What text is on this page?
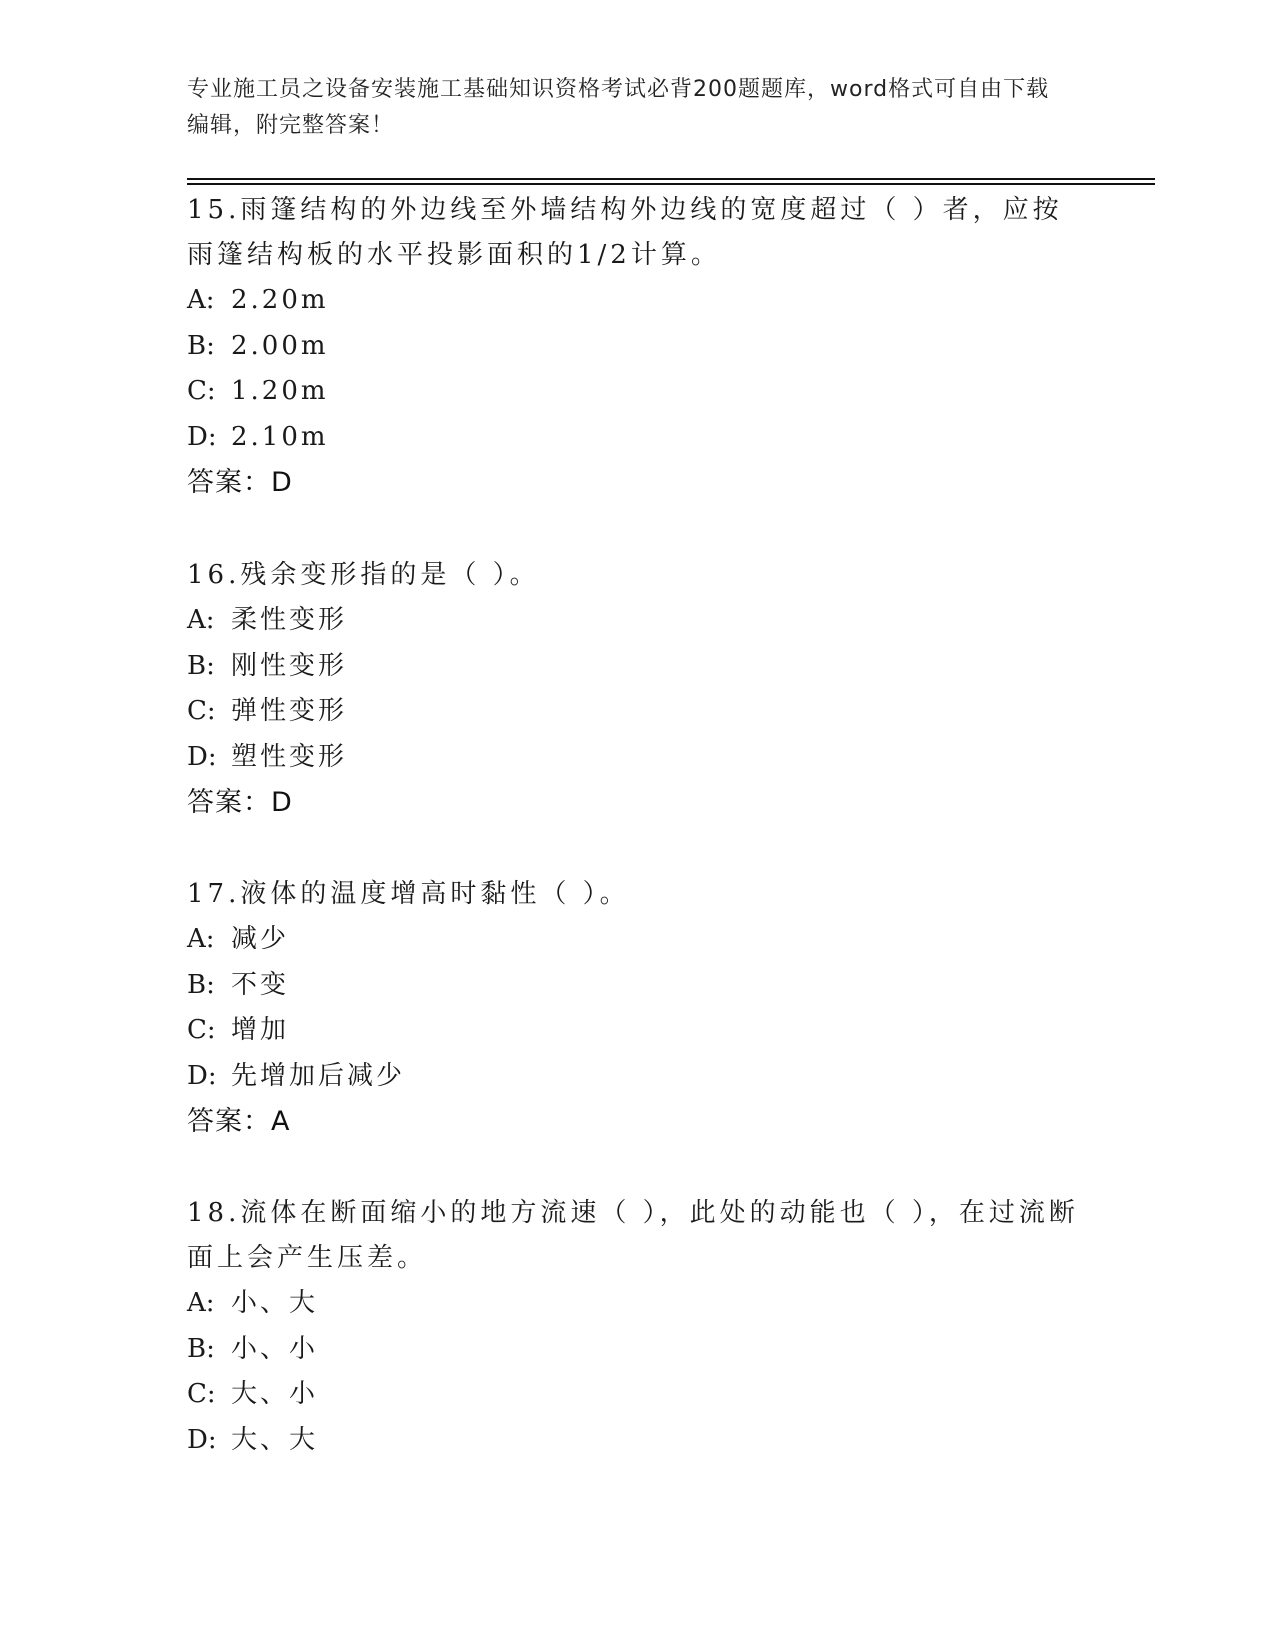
专业施工员之设备安装施工基础知识资格考试必背200题题库，word格式可自由下载编辑，附完整答案！

15.雨篷结构的外边线至外墙结构外边线的宽度超过（ ）者，应按雨篷结构板的水平投影面积的1/2计算。

A: 2.20m

B: 2.00m

C: 1.20m

D: 2.10m

答案：D

16.残余变形指的是（ ）。

A: 柔性变形

B: 刚性变形

C: 弹性变形

D: 塑性变形

答案：D

17.液体的温度增高时黏性（ ）。

A: 减少

B: 不变

C: 增加

D: 先增加后减少

答案：A

18.流体在断面缩小的地方流速（ ），此处的动能也（ ），在过流断面上会产生压差。

A: 小、大

B: 小、小

C: 大、小

D: 大、大
